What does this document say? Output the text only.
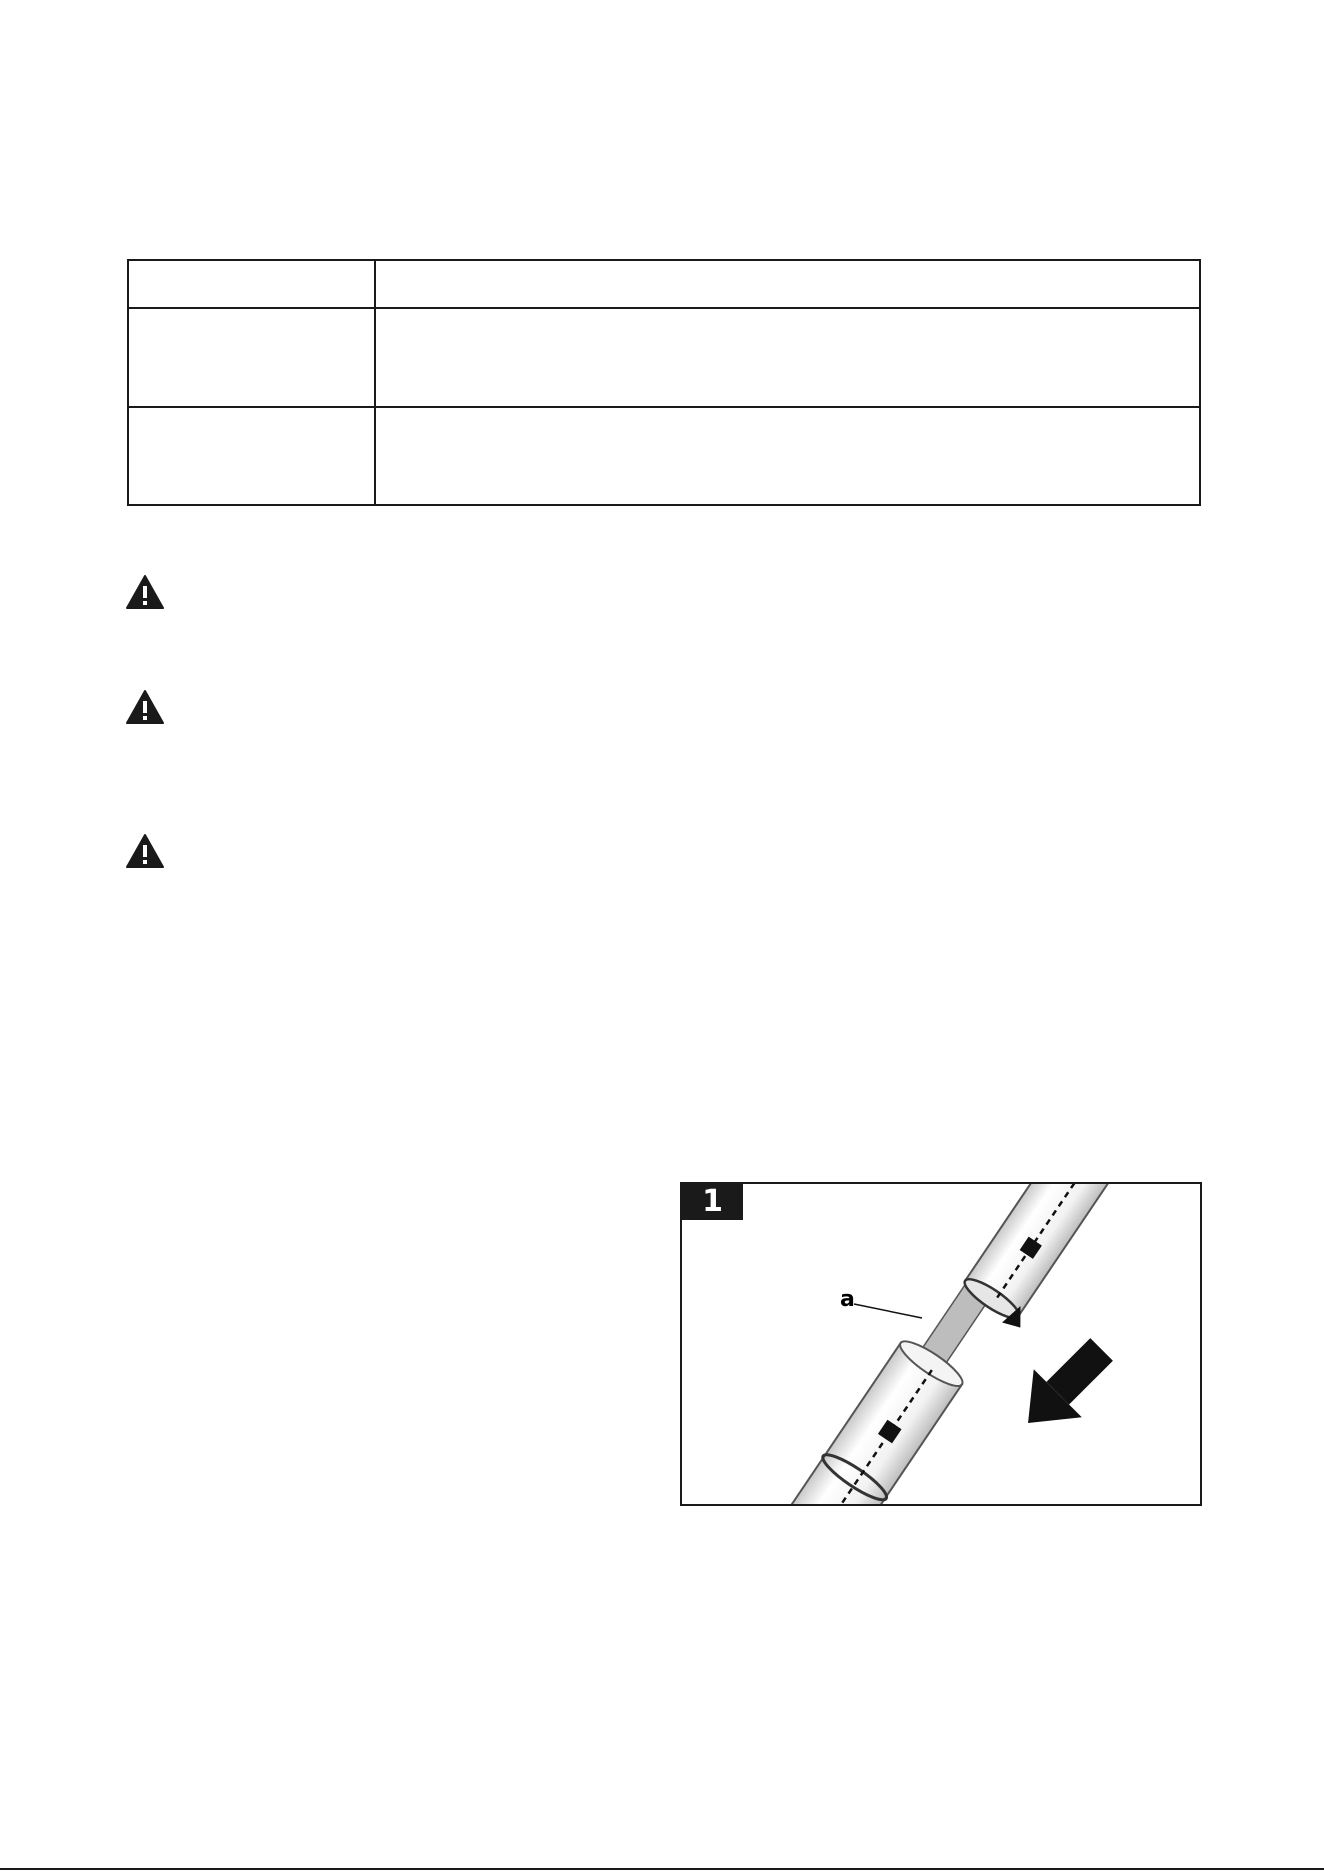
1
a
